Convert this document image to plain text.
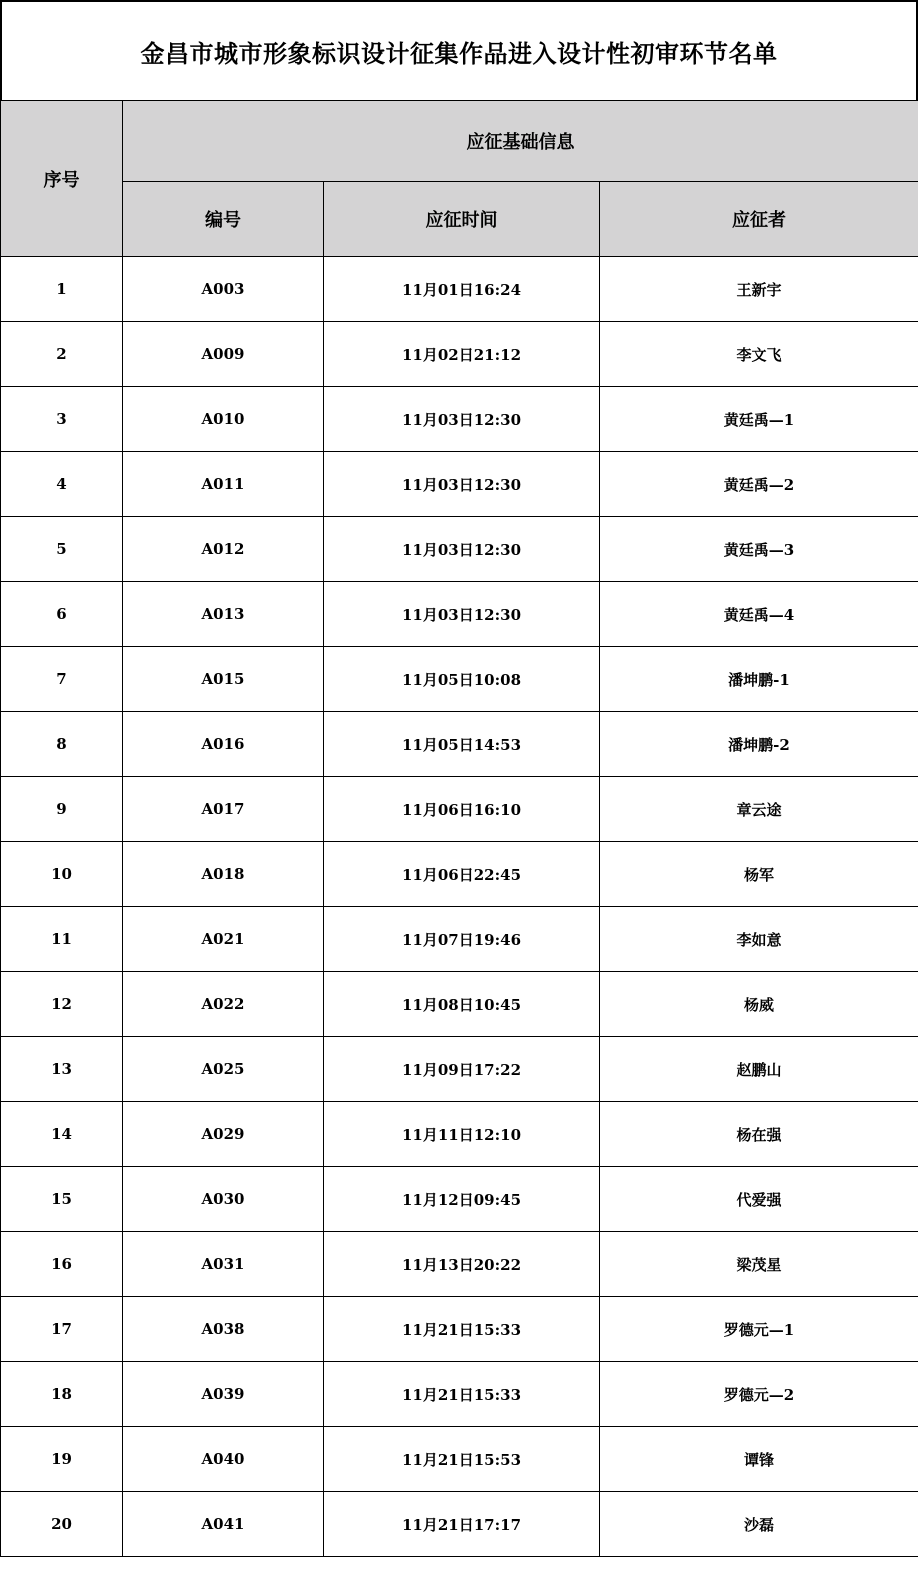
金昌市城市形象标识设计征集作品进入设计性初审环节名单
序号	应征基础信息		
	编号	应征时间	应征者
1	A003	11月01日16:24	王新宇
2	A009	11月02日21:12	李文飞
3	A010	11月03日12:30	黄廷禹—1
4	A011	11月03日12:30	黄廷禹—2
5	A012	11月03日12:30	黄廷禹—3
6	A013	11月03日12:30	黄廷禹—4
7	A015	11月05日10:08	潘坤鹏-1
8	A016	11月05日14:53	潘坤鹏-2
9	A017	11月06日16:10	章云途
10	A018	11月06日22:45	杨军
11	A021	11月07日19:46	李如意
12	A022	11月08日10:45	杨威
13	A025	11月09日17:22	赵鹏山
14	A029	11月11日12:10	杨在强
15	A030	11月12日09:45	代爱强
16	A031	11月13日20:22	梁茂星
17	A038	11月21日15:33	罗德元—1
18	A039	11月21日15:33	罗德元—2
19	A040	11月21日15:53	谭锋
20	A041	11月21日17:17	沙磊
